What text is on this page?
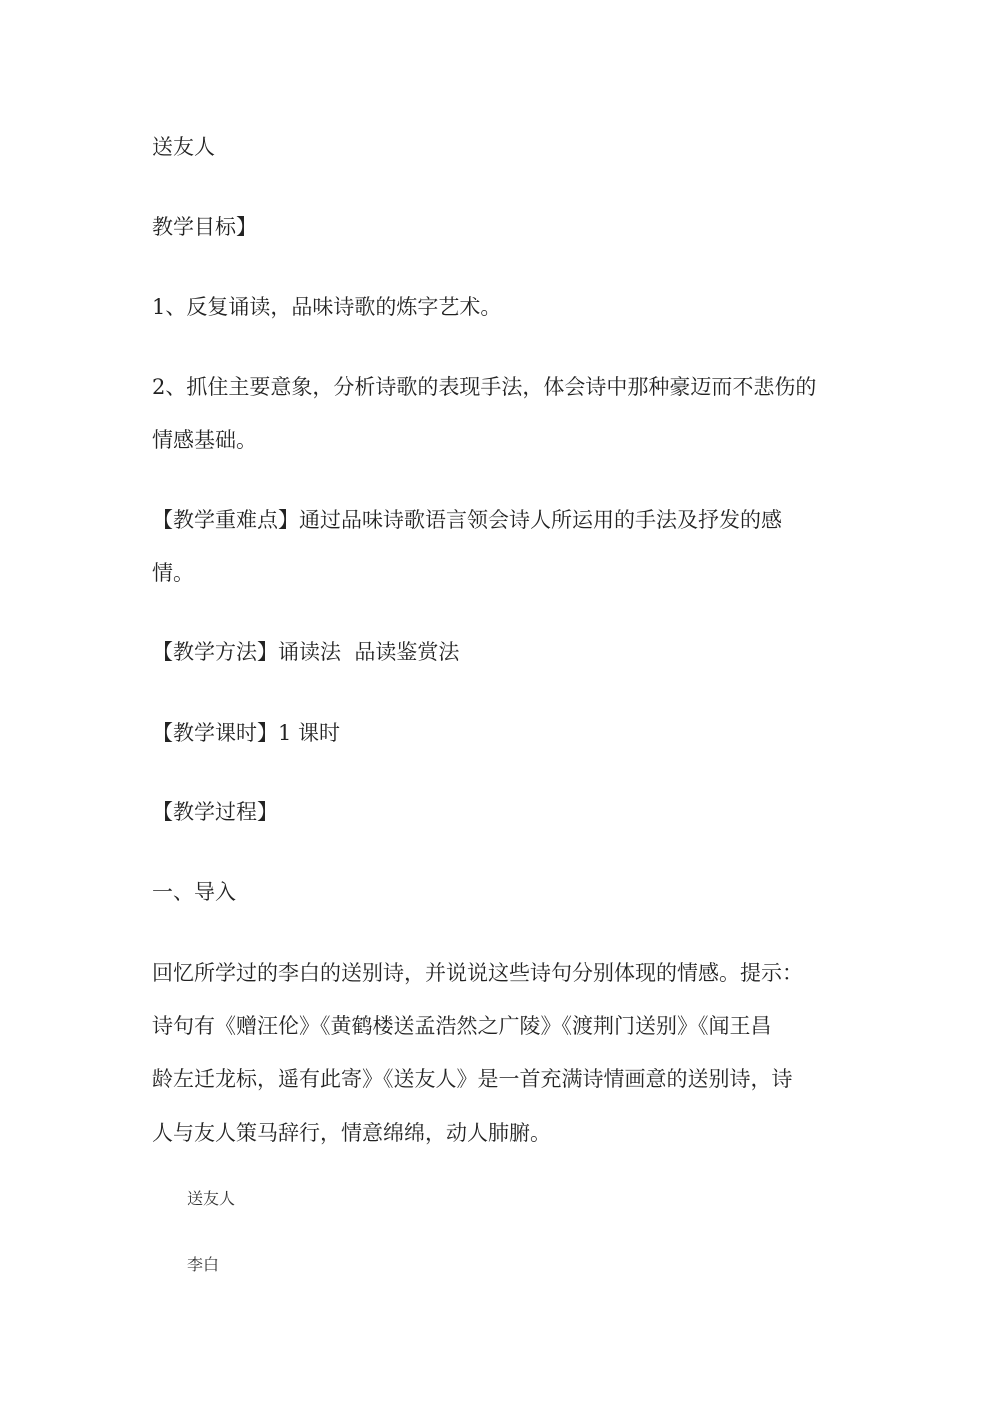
送友人
教学目标】
1、反复诵读，品味诗歌的炼字艺术。
2、抓住主要意象，分析诗歌的表现手法，体会诗中那种豪迈而不悲伤的
情感基础。
【教学重难点】通过品味诗歌语言领会诗人所运用的手法及抒发的感
情。
【教学方法】诵读法  品读鉴赏法
【教学课时】1 课时
【教学过程】
一、导入
回忆所学过的李白的送别诗，并说说这些诗句分别体现的情感。提示：
诗句有《赠汪伦》《黄鹤楼送孟浩然之广陵》《渡荆门送别》《闻王昌
龄左迁龙标，遥有此寄》《送友人》是一首充满诗情画意的送别诗，诗
人与友人策马辞行，情意绵绵，动人肺腑。
送友人
李白
